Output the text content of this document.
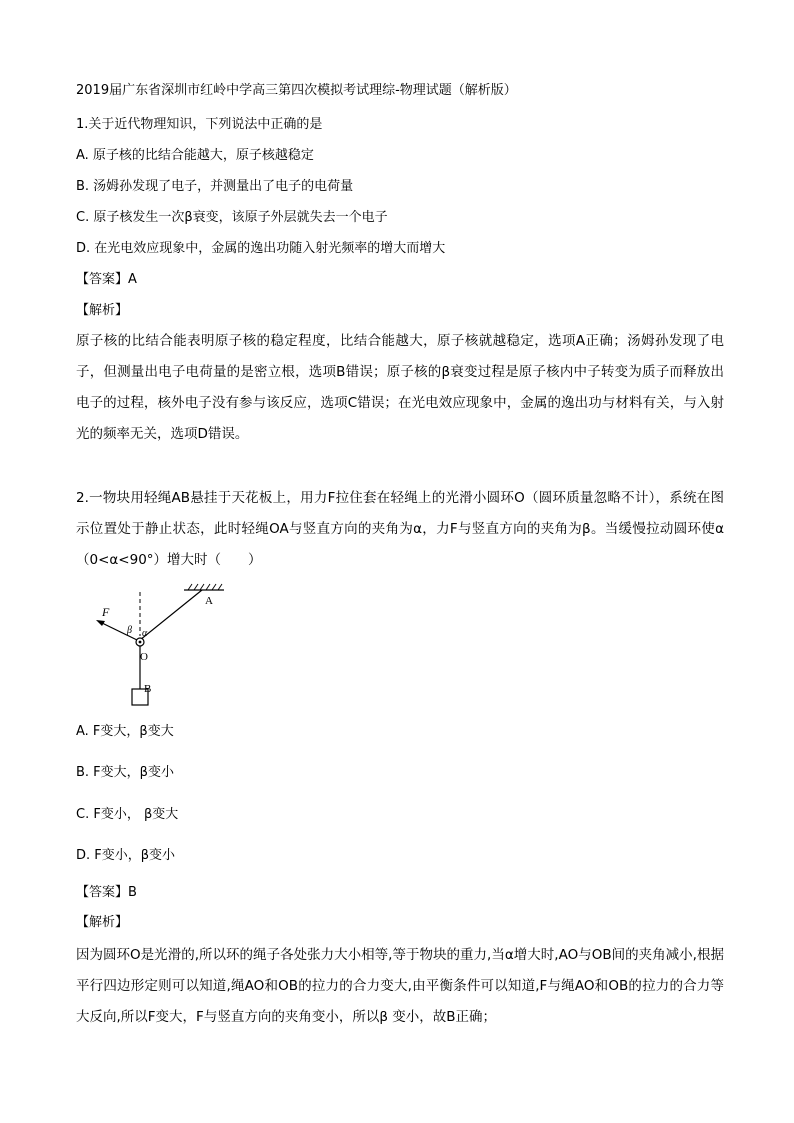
2019届广东省深圳市红岭中学高三第四次模拟考试理综-物理试题（解析版）
1.关于近代物理知识，下列说法中正确的是
A. 原子核的比结合能越大，原子核越稳定
B. 汤姆孙发现了电子，并测量出了电子的电荷量
C. 原子核发生一次β衰变，该原子外层就失去一个电子
D. 在光电效应现象中，金属的逸出功随入射光频率的增大而增大
【答案】A
【解析】
原子核的比结合能表明原子核的稳定程度，比结合能越大，原子核就越稳定，选项A正确；汤姆孙发现了电子，但测量出电子电荷量的是密立根，选项B错误；原子核的β衰变过程是原子核内中子转变为质子而释放出电子的过程，核外电子没有参与该反应，选项C错误；在光电效应现象中，金属的逸出功与材料有关，与入射光的频率无关，选项D错误。
2.一物块用轻绳AB悬挂于天花板上，用力F拉住套在轻绳上的光滑小圆环O（圆环质量忽略不计），系统在图示位置处于静止状态，此时轻绳OA与竖直方向的夹角为α，力F与竖直方向的夹角为β。当缓慢拉动圆环使α（0<α<90°）增大时（　　）
F
A
O
B
α
β
A. F变大，β变大
B. F变大，β变小
C. F变小， β变大
D. F变小，β变小
【答案】B
【解析】
因为圆环O是光滑的,所以环的绳子各处张力大小相等,等于物块的重力,当α增大时,AO与OB间的夹角减小,根据平行四边形定则可以知道,绳AO和OB的拉力的合力变大,由平衡条件可以知道,F与绳AO和OB的拉力的合力等大反向,所以F变大，F与竖直方向的夹角变小，所以β 变小，故B正确；
